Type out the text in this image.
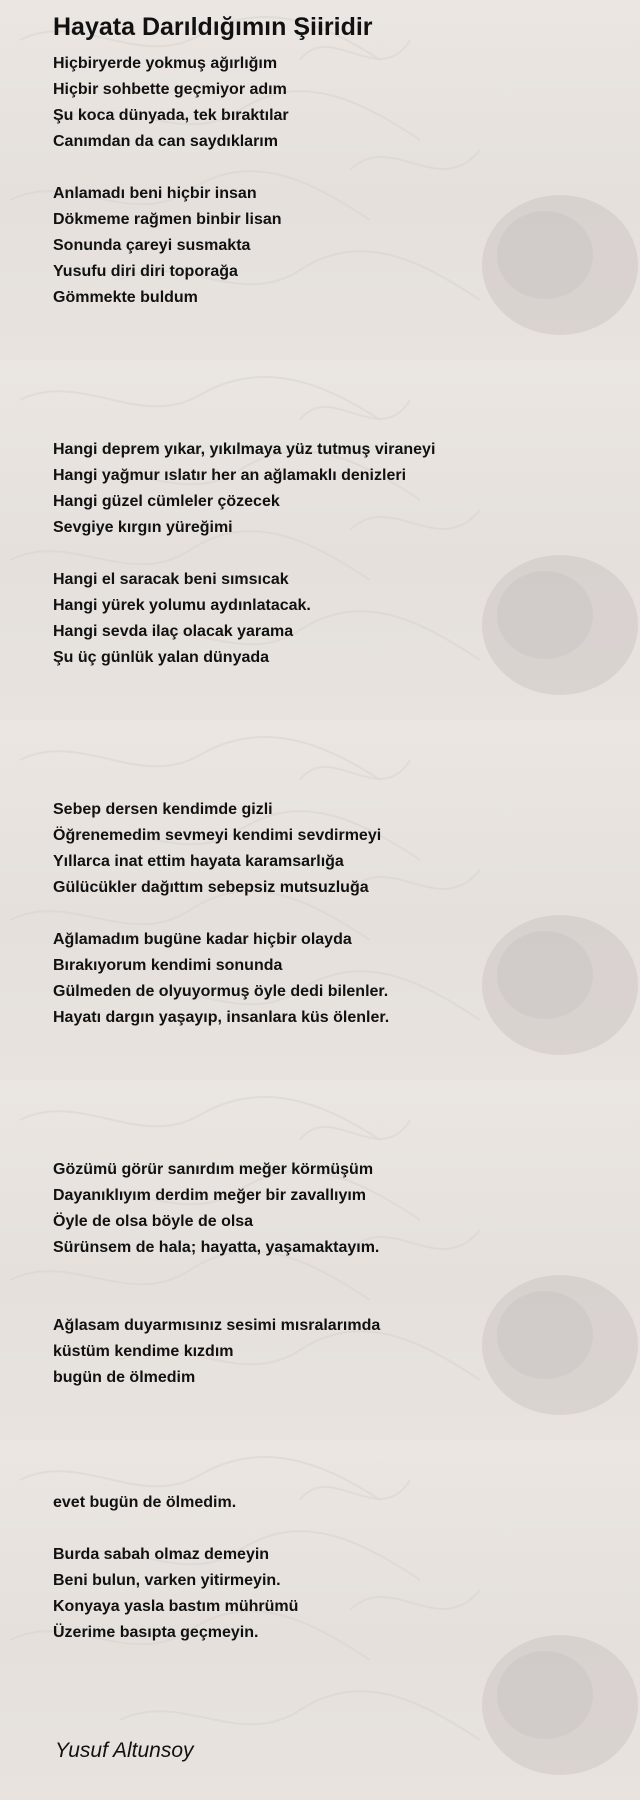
Hayata Darıldığımın Şiiridir
Hiçbiryerde yokmuş ağırlığım
Hiçbir sohbette geçmiyor adım
Şu koca dünyada, tek bıraktılar
Canımdan da can saydıklarım
Anlamadı beni hiçbir insan
Dökmeme rağmen binbir lisan
Sonunda çareyi susmakta
Yusufu diri diri toporağa
Gömmekte buldum
Hangi deprem yıkar, yıkılmaya yüz tutmuş viraneyi
Hangi yağmur ıslatır her an ağlamaklı denizleri
Hangi güzel cümleler çözecek
Sevgiye kırgın yüreğimi
Hangi el saracak beni sımsıcak
Hangi yürek yolumu aydınlatacak.
Hangi sevda ilaç olacak yarama
Şu üç günlük yalan dünyada
Sebep dersen kendimde gizli
Öğrenemedim sevmeyi kendimi sevdirmeyi
Yıllarca inat ettim hayata karamsarlığa
Gülücükler dağıttım sebepsiz mutsuzluğa
Ağlamadım bugüne kadar hiçbir olayda
Bırakıyorum kendimi sonunda
Gülmeden de olyuyormuş öyle dedi bilenler.
Hayatı dargın yaşayıp, insanlara küs ölenler.
Gözümü görür sanırdım meğer körmüşüm
Dayanıklıyım derdim meğer bir zavallıyım
Öyle de olsa böyle de olsa
Sürünsem de hala; hayatta, yaşamaktayım.
Ağlasam duyarmısınız sesimi mısralarımda
küstüm kendime kızdım
bugün de ölmedim
evet bugün de ölmedim.
Burda sabah olmaz demeyin
Beni bulun, varken yitirmeyin.
Konyaya yasla bastım mührümü
Üzerime basıpta geçmeyin.
Yusuf Altunsoy
